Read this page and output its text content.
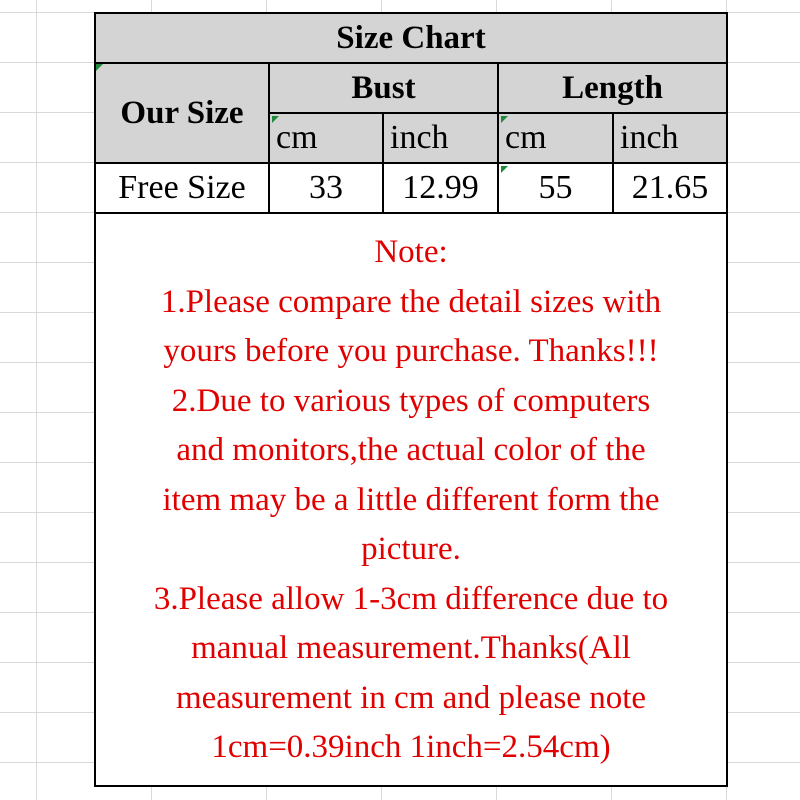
Size Chart
Our Size
Bust	Length
cm	inch	cm	inch
Free Size	33	12.99	55	21.65
Note:
1.Please compare the detail sizes with
yours before you purchase. Thanks!!!
2.Due to various types of computers
and monitors,the actual color of the
item may be a little different form the
picture.
3.Please allow 1-3cm difference due to
manual measurement.Thanks(All
measurement in cm and please note
1cm=0.39inch 1inch=2.54cm)
